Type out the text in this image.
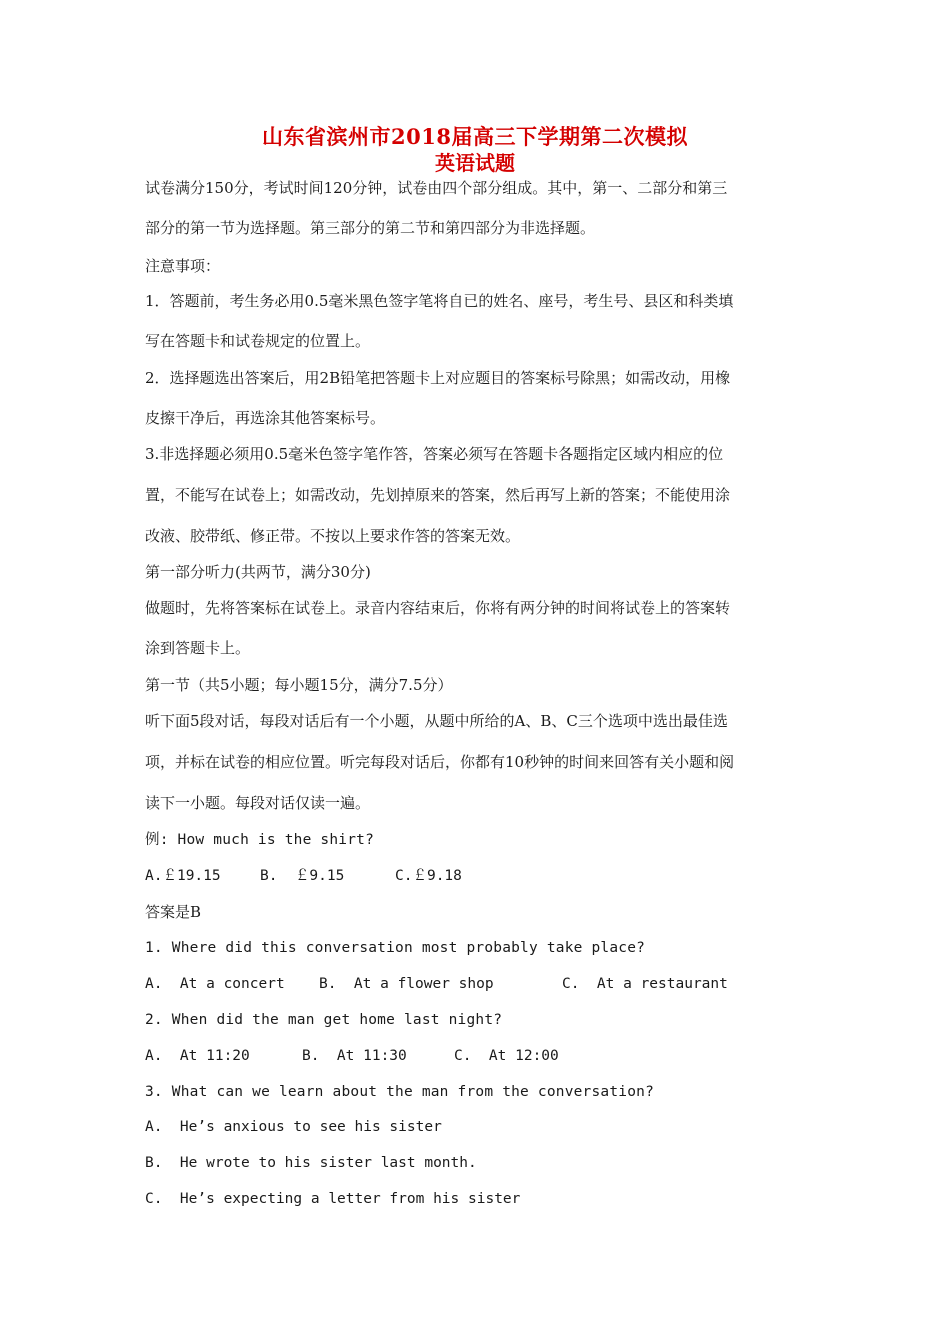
山东省滨州市2018届高三下学期第二次模拟
英语试题
试卷满分150分，考试时间120分钟，试卷由四个部分组成。其中，第一、二部分和第三
部分的第一节为选择题。第三部分的第二节和第四部分为非选择题。
注意事项：
1．答题前，考生务必用0.5毫米黑色签字笔将自已的姓名、座号，考生号、县区和科类填
写在答题卡和试卷规定的位置上。
2．选择题选出答案后，用2B铅笔把答题卡上对应题目的答案标号除黑；如需改动，用橡
皮擦干净后，再选涂其他答案标号。
3.非选择题必须用0.5毫米色签字笔作答，答案必须写在答题卡各题指定区域内相应的位
置，不能写在试卷上；如需改动，先划掉原来的答案，然后再写上新的答案；不能使用涂
改液、胶带纸、修正带。不按以上要求作答的答案无效。
第一部分听力(共两节，满分30分)
做题时，先将答案标在试卷上。录音内容结束后，你将有两分钟的时间将试卷上的答案转
涂到答题卡上。
第一节（共5小题；每小题15分，满分7.5分）
听下面5段对话，每段对话后有一个小题，从题中所给的A、B、C三个选项中选出最佳选
项，并标在试卷的相应位置。听完每段对话后，你都有10秒钟的时间来回答有关小题和阅
读下一小题。每段对话仅读一遍。
例: How much is the shirt?
A.￡19.15	B.  ￡9.15	C.￡9.18
答案是B
1. Where did this conversation most probably take place?
A.  At a concert B.  At a flower shop	C.  At a restaurant
2. When did the man get home last night?
A.  At 11:20	B.  At 11:30	C.  At 12:00
3. What can we learn about the man from the conversation?
A.  He’s anxious to see his sister
B.  He wrote to his sister last month.
C.  He’s expecting a letter from his sister
